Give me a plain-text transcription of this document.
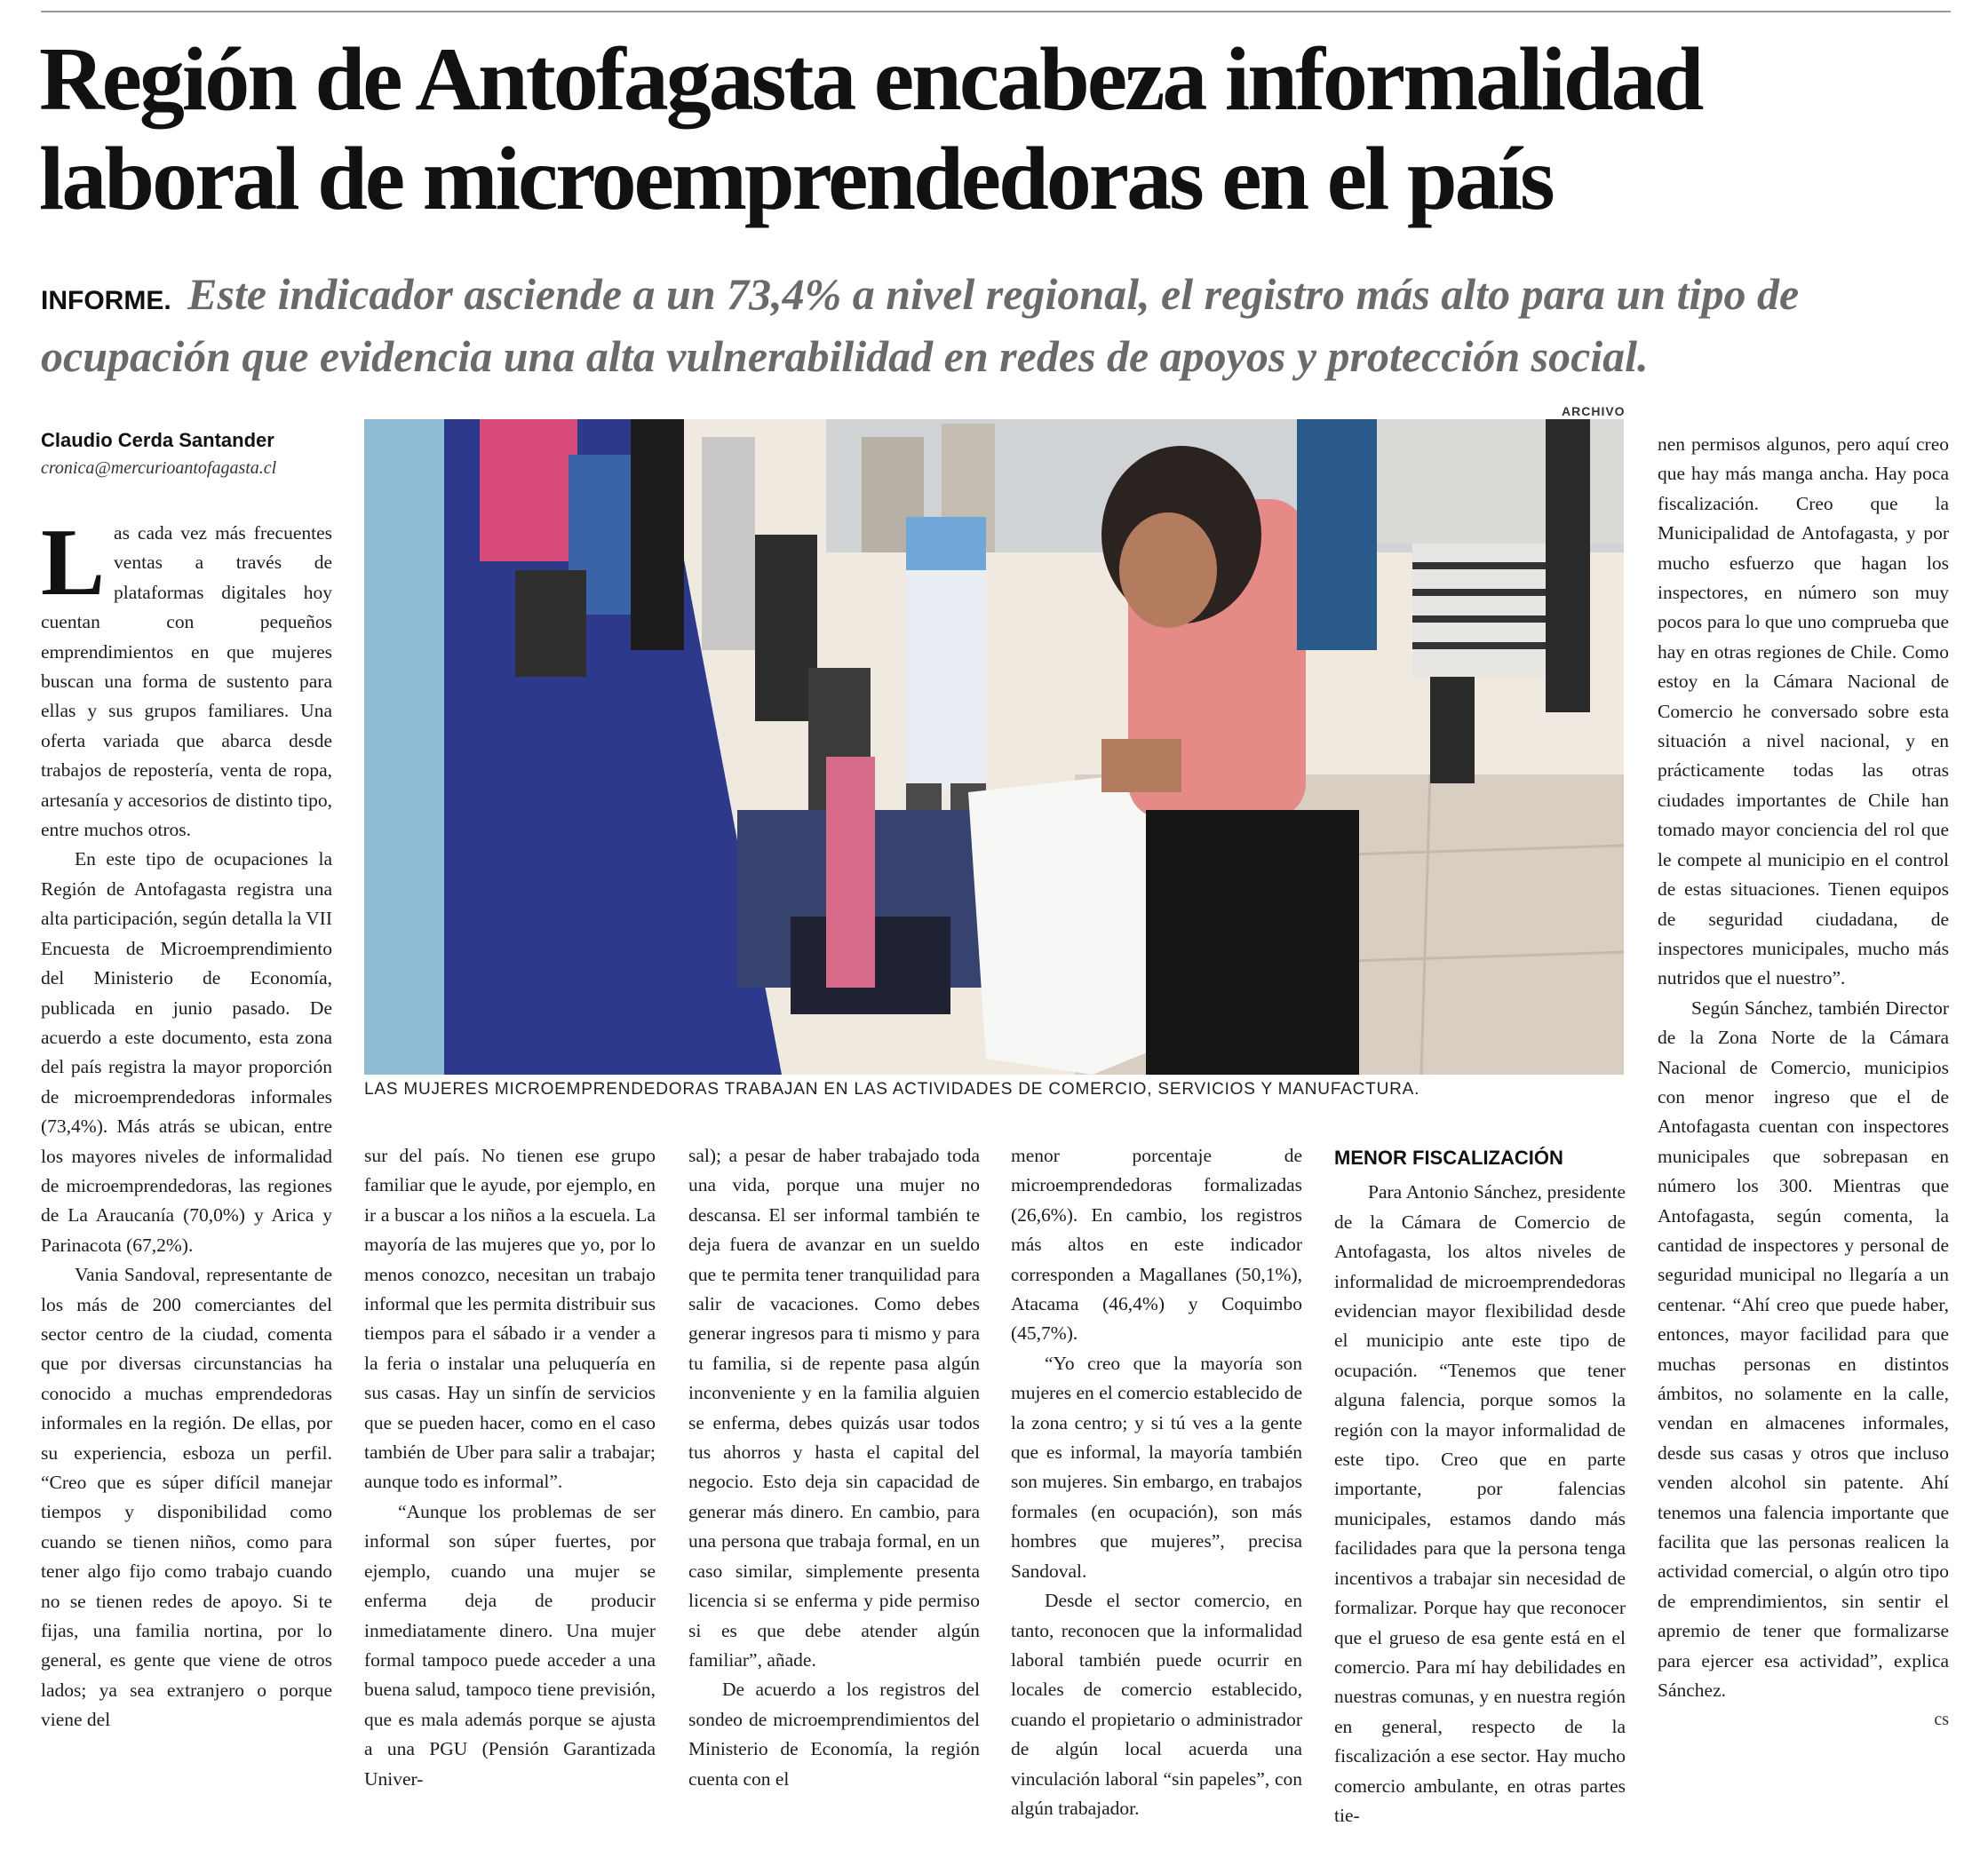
Región de Antofagasta encabeza informalidad laboral de microemprendedoras en el país
INFORME. Este indicador asciende a un 73,4% a nivel regional, el registro más alto para un tipo de ocupación que evidencia una alta vulnerabilidad en redes de apoyos y protección social.
Claudio Cerda Santander
cronica@mercurioantofagasta.cl
ARCHIVO
LAS MUJERES MICROEMPRENDEDORAS TRABAJAN EN LAS ACTIVIDADES DE COMERCIO, SERVICIOS Y MANUFACTURA.
L as cada vez más frecuentes ventas a través de plataformas digitales hoy cuentan con pequeños emprendimientos en que mujeres buscan una forma de sustento para ellas y sus grupos familiares. Una oferta variada que abarca desde trabajos de repostería, venta de ropa, artesanía y accesorios de distinto tipo, entre muchos otros.

En este tipo de ocupaciones la Región de Antofagasta registra una alta participación, según detalla la VII Encuesta de Microemprendimiento del Ministerio de Economía, publicada en junio pasado. De acuerdo a este documento, esta zona del país registra la mayor proporción de microemprendedoras informales (73,4%). Más atrás se ubican, entre los mayores niveles de informalidad de microemprendedoras, las regiones de La Araucanía (70,0%) y Arica y Parinacota (67,2%).

Vania Sandoval, representante de los más de 200 comerciantes del sector centro de la ciudad, comenta que por diversas circunstancias ha conocido a muchas emprendedoras informales en la región. De ellas, por su experiencia, esboza un perfil. “Creo que es súper difícil manejar tiempos y disponibilidad como cuando se tienen niños, como para tener algo fijo como trabajo cuando no se tienen redes de apoyo. Si te fijas, una familia nortina, por lo general, es gente que viene de otros lados; ya sea extranjero o porque viene del

sur del país. No tienen ese grupo familiar que le ayude, por ejemplo, en ir a buscar a los niños a la escuela. La mayoría de las mujeres que yo, por lo menos conozco, necesitan un trabajo informal que les permita distribuir sus tiempos para el sábado ir a vender a la feria o instalar una peluquería en sus casas. Hay un sinfín de servicios que se pueden hacer, como en el caso también de Uber para salir a trabajar; aunque todo es informal”.

“Aunque los problemas de ser informal son súper fuertes, por ejemplo, cuando una mujer se enferma deja de producir inmediatamente dinero. Una mujer formal tampoco puede acceder a una buena salud, tampoco tiene previsión, que es mala además porque se ajusta a una PGU (Pensión Garantizada Univer-

sal); a pesar de haber trabajado toda una vida, porque una mujer no descansa. El ser informal también te deja fuera de avanzar en un sueldo que te permita tener tranquilidad para salir de vacaciones. Como debes generar ingresos para ti mismo y para tu familia, si de repente pasa algún inconveniente y en la familia alguien se enferma, debes quizás usar todos tus ahorros y hasta el capital del negocio. Esto deja sin capacidad de generar más dinero. En cambio, para una persona que trabaja formal, en un caso similar, simplemente presenta licencia si se enferma y pide permiso si es que debe atender algún familiar”, añade.

De acuerdo a los registros del sondeo de microemprendimientos del Ministerio de Economía, la región cuenta con el

menor porcentaje de microemprendedoras formalizadas (26,6%). En cambio, los registros más altos en este indicador corresponden a Magallanes (50,1%), Atacama (46,4%) y Coquimbo (45,7%).

“Yo creo que la mayoría son mujeres en el comercio establecido de la zona centro; y si tú ves a la gente que es informal, la mayoría también son mujeres. Sin embargo, en trabajos formales (en ocupación), son más hombres que mujeres”, precisa Sandoval.

Desde el sector comercio, en tanto, reconocen que la informalidad laboral también puede ocurrir en locales de comercio establecido, cuando el propietario o administrador de algún local acuerda una vinculación laboral “sin papeles”, con algún trabajador.

MENOR FISCALIZACIÓN

Para Antonio Sánchez, presidente de la Cámara de Comercio de Antofagasta, los altos niveles de informalidad de microemprendedoras evidencian mayor flexibilidad desde el municipio ante este tipo de ocupación. “Tenemos que tener alguna falencia, porque somos la región con la mayor informalidad de este tipo. Creo que en parte importante, por falencias municipales, estamos dando más facilidades para que la persona tenga incentivos a trabajar sin necesidad de formalizar. Porque hay que reconocer que el grueso de esa gente está en el comercio. Para mí hay debilidades en nuestras comunas, y en nuestra región en general, respecto de la fiscalización a ese sector. Hay mucho comercio ambulante, en otras partes tie-

nen permisos algunos, pero aquí creo que hay más manga ancha. Hay poca fiscalización. Creo que la Municipalidad de Antofagasta, y por mucho esfuerzo que hagan los inspectores, en número son muy pocos para lo que uno comprueba que hay en otras regiones de Chile. Como estoy en la Cámara Nacional de Comercio he conversado sobre esta situación a nivel nacional, y en prácticamente todas las otras ciudades importantes de Chile han tomado mayor conciencia del rol que le compete al municipio en el control de estas situaciones. Tienen equipos de seguridad ciudadana, de inspectores municipales, mucho más nutridos que el nuestro”.

Según Sánchez, también Director de la Zona Norte de la Cámara Nacional de Comercio, municipios con menor ingreso que el de Antofagasta cuentan con inspectores municipales que sobrepasan en número los 300. Mientras que Antofagasta, según comenta, la cantidad de inspectores y personal de seguridad municipal no llegaría a un centenar. “Ahí creo que puede haber, entonces, mayor facilidad para que muchas personas en distintos ámbitos, no solamente en la calle, vendan en almacenes informales, desde sus casas y otros que incluso venden alcohol sin patente. Ahí tenemos una falencia importante que facilita que las personas realicen la actividad comercial, o algún otro tipo de emprendimientos, sin sentir el apremio de tener que formalizarse para ejercer esa actividad”, explica Sánchez.

cs
